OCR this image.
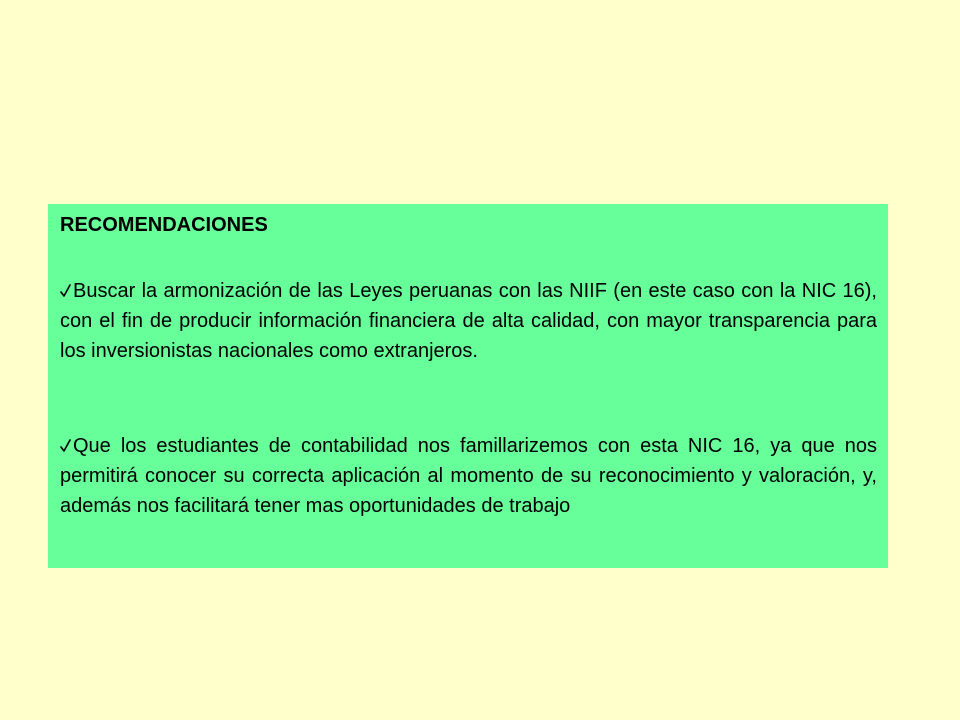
RECOMENDACIONES

Buscar la armonización de las Leyes peruanas con las NIIF (en este caso con la NIC 16), con el fin de producir información financiera de alta calidad, con mayor transparencia para los inversionistas nacionales como extranjeros.

Que los estudiantes de contabilidad nos famillarizemos con esta NIC 16, ya que nos permitirá conocer su correcta aplicación al momento de su reconocimiento y valoración, y, además nos facilitará tener mas oportunidades de trabajo
